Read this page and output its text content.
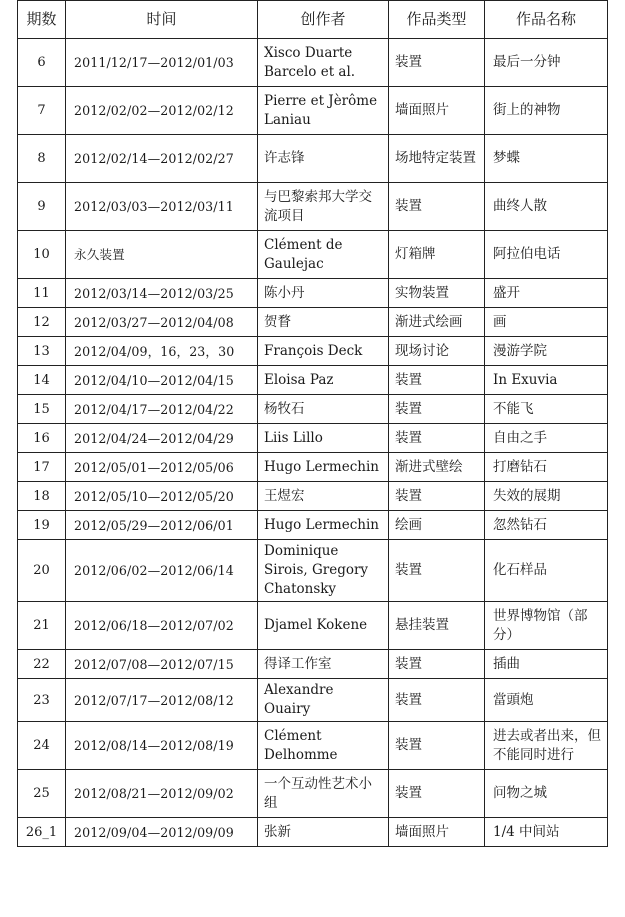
期数	时间	创作者	作品类型	作品名称
6	2011/12/17—2012/01/03	Xisco Duarte Barcelo et al.	装置	最后一分钟
7	2012/02/02—2012/02/12	Pierre et Jèrôme Laniau	墙面照片	街上的神物
8	2012/02/14—2012/02/27	许志锋	场地特定装置	梦蝶
9	2012/03/03—2012/03/11	与巴黎索邦大学交流项目	装置	曲终人散
10	永久装置	Clément de Gaulejac	灯箱牌	阿拉伯电话
11	2012/03/14—2012/03/25	陈小丹	实物装置	盛开
12	2012/03/27—2012/04/08	贺瞀	渐进式绘画	画
13	2012/04/09，16，23，30	François Deck	现场讨论	漫游学院
14	2012/04/10—2012/04/15	Eloisa Paz	装置	In Exuvia
15	2012/04/17—2012/04/22	杨牧石	装置	不能飞
16	2012/04/24—2012/04/29	Liis Lillo	装置	自由之手
17	2012/05/01—2012/05/06	Hugo Lermechin	渐进式壁绘	打磨钻石
18	2012/05/10—2012/05/20	王煜宏	装置	失效的展期
19	2012/05/29—2012/06/01	Hugo Lermechin	绘画	忽然钻石
20	2012/06/02—2012/06/14	Dominique Sirois, Gregory Chatonsky	装置	化石样品
21	2012/06/18—2012/07/02	Djamel Kokene	悬挂装置	世界博物馆（部分）
22	2012/07/08—2012/07/15	得译工作室	装置	插曲
23	2012/07/17—2012/08/12	Alexandre Ouairy	装置	當頭炮
24	2012/08/14—2012/08/19	Clément Delhomme	装置	进去或者出来，但不能同时进行
25	2012/08/21—2012/09/02	一个互动性艺术小组	装置	问物之城
26_1	2012/09/04—2012/09/09	张新	墙面照片	1/4 中间站
